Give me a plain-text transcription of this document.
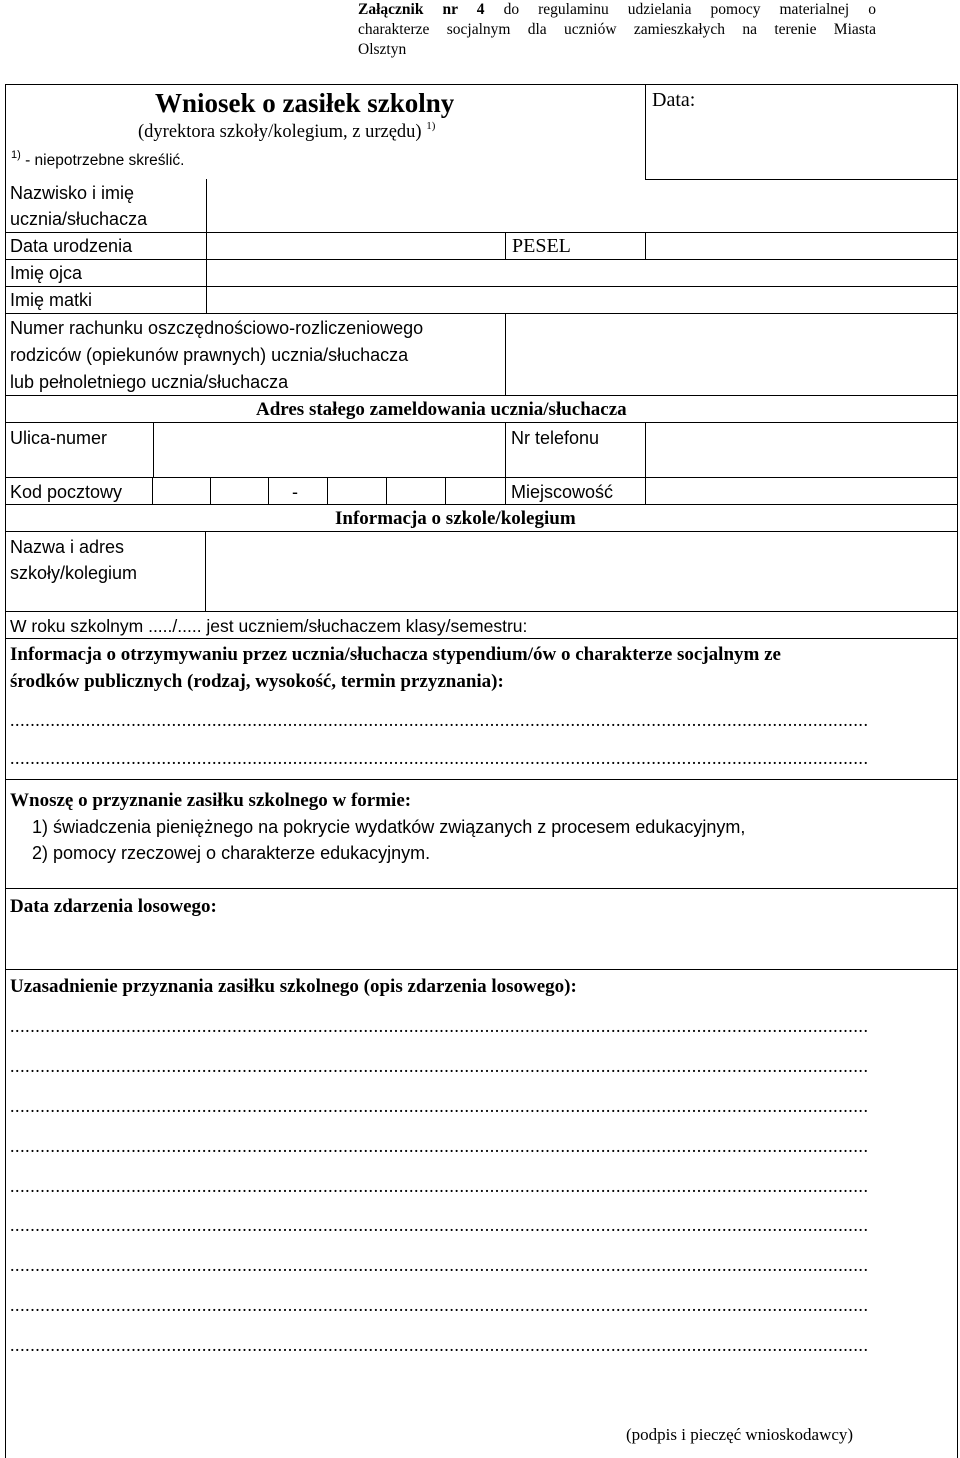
Załącznik nr 4 do regulaminu udzielania pomocy materialnej o
charakterze socjalnym dla uczniów zamieszkałych na terenie Miasta
Olsztyn
Wniosek o zasiłek szkolny
(dyrektora szkoły/kolegium, z urzędu) $^{1)}$
Data:
$^{1)}$ - niepotrzebne skreślić.
Nazwisko i imię
ucznia/słuchacza
Data urodzenia	PESEL
Imię ojca
Imię matki
Numer rachunku oszczędnościowo-rozliczeniowego
rodziców (opiekunów prawnych) ucznia/słuchacza
lub pełnoletniego ucznia/słuchacza
Adres stałego zameldowania ucznia/słuchacza
Ulica-numer	Nr telefonu
Kod pocztowy	-	Miejscowość
Informacja o szkole/kolegium
Nazwa i adres
szkoły/kolegium
W roku szkolnym ...../..... jest uczniem/słuchaczem klasy/semestru:
Informacja o otrzymywaniu przez ucznia/słuchacza stypendium/ów o charakterze socjalnym ze
środków publicznych (rodzaj, wysokość, termin przyznania):
..........................................................................................................................................................................
..........................................................................................................................................................................
Wnoszę o przyznanie zasiłku szkolnego w formie:
1) świadczenia pieniężnego na pokrycie wydatków związanych z procesem edukacyjnym,
2) pomocy rzeczowej o charakterze edukacyjnym.
Data zdarzenia losowego:
Uzasadnienie przyznania zasiłku szkolnego (opis zdarzenia losowego):
..........................................................................................................................................................................
..........................................................................................................................................................................
..........................................................................................................................................................................
..........................................................................................................................................................................
..........................................................................................................................................................................
..........................................................................................................................................................................
..........................................................................................................................................................................
..........................................................................................................................................................................
..........................................................................................................................................................................
(podpis i pieczęć wnioskodawcy)
